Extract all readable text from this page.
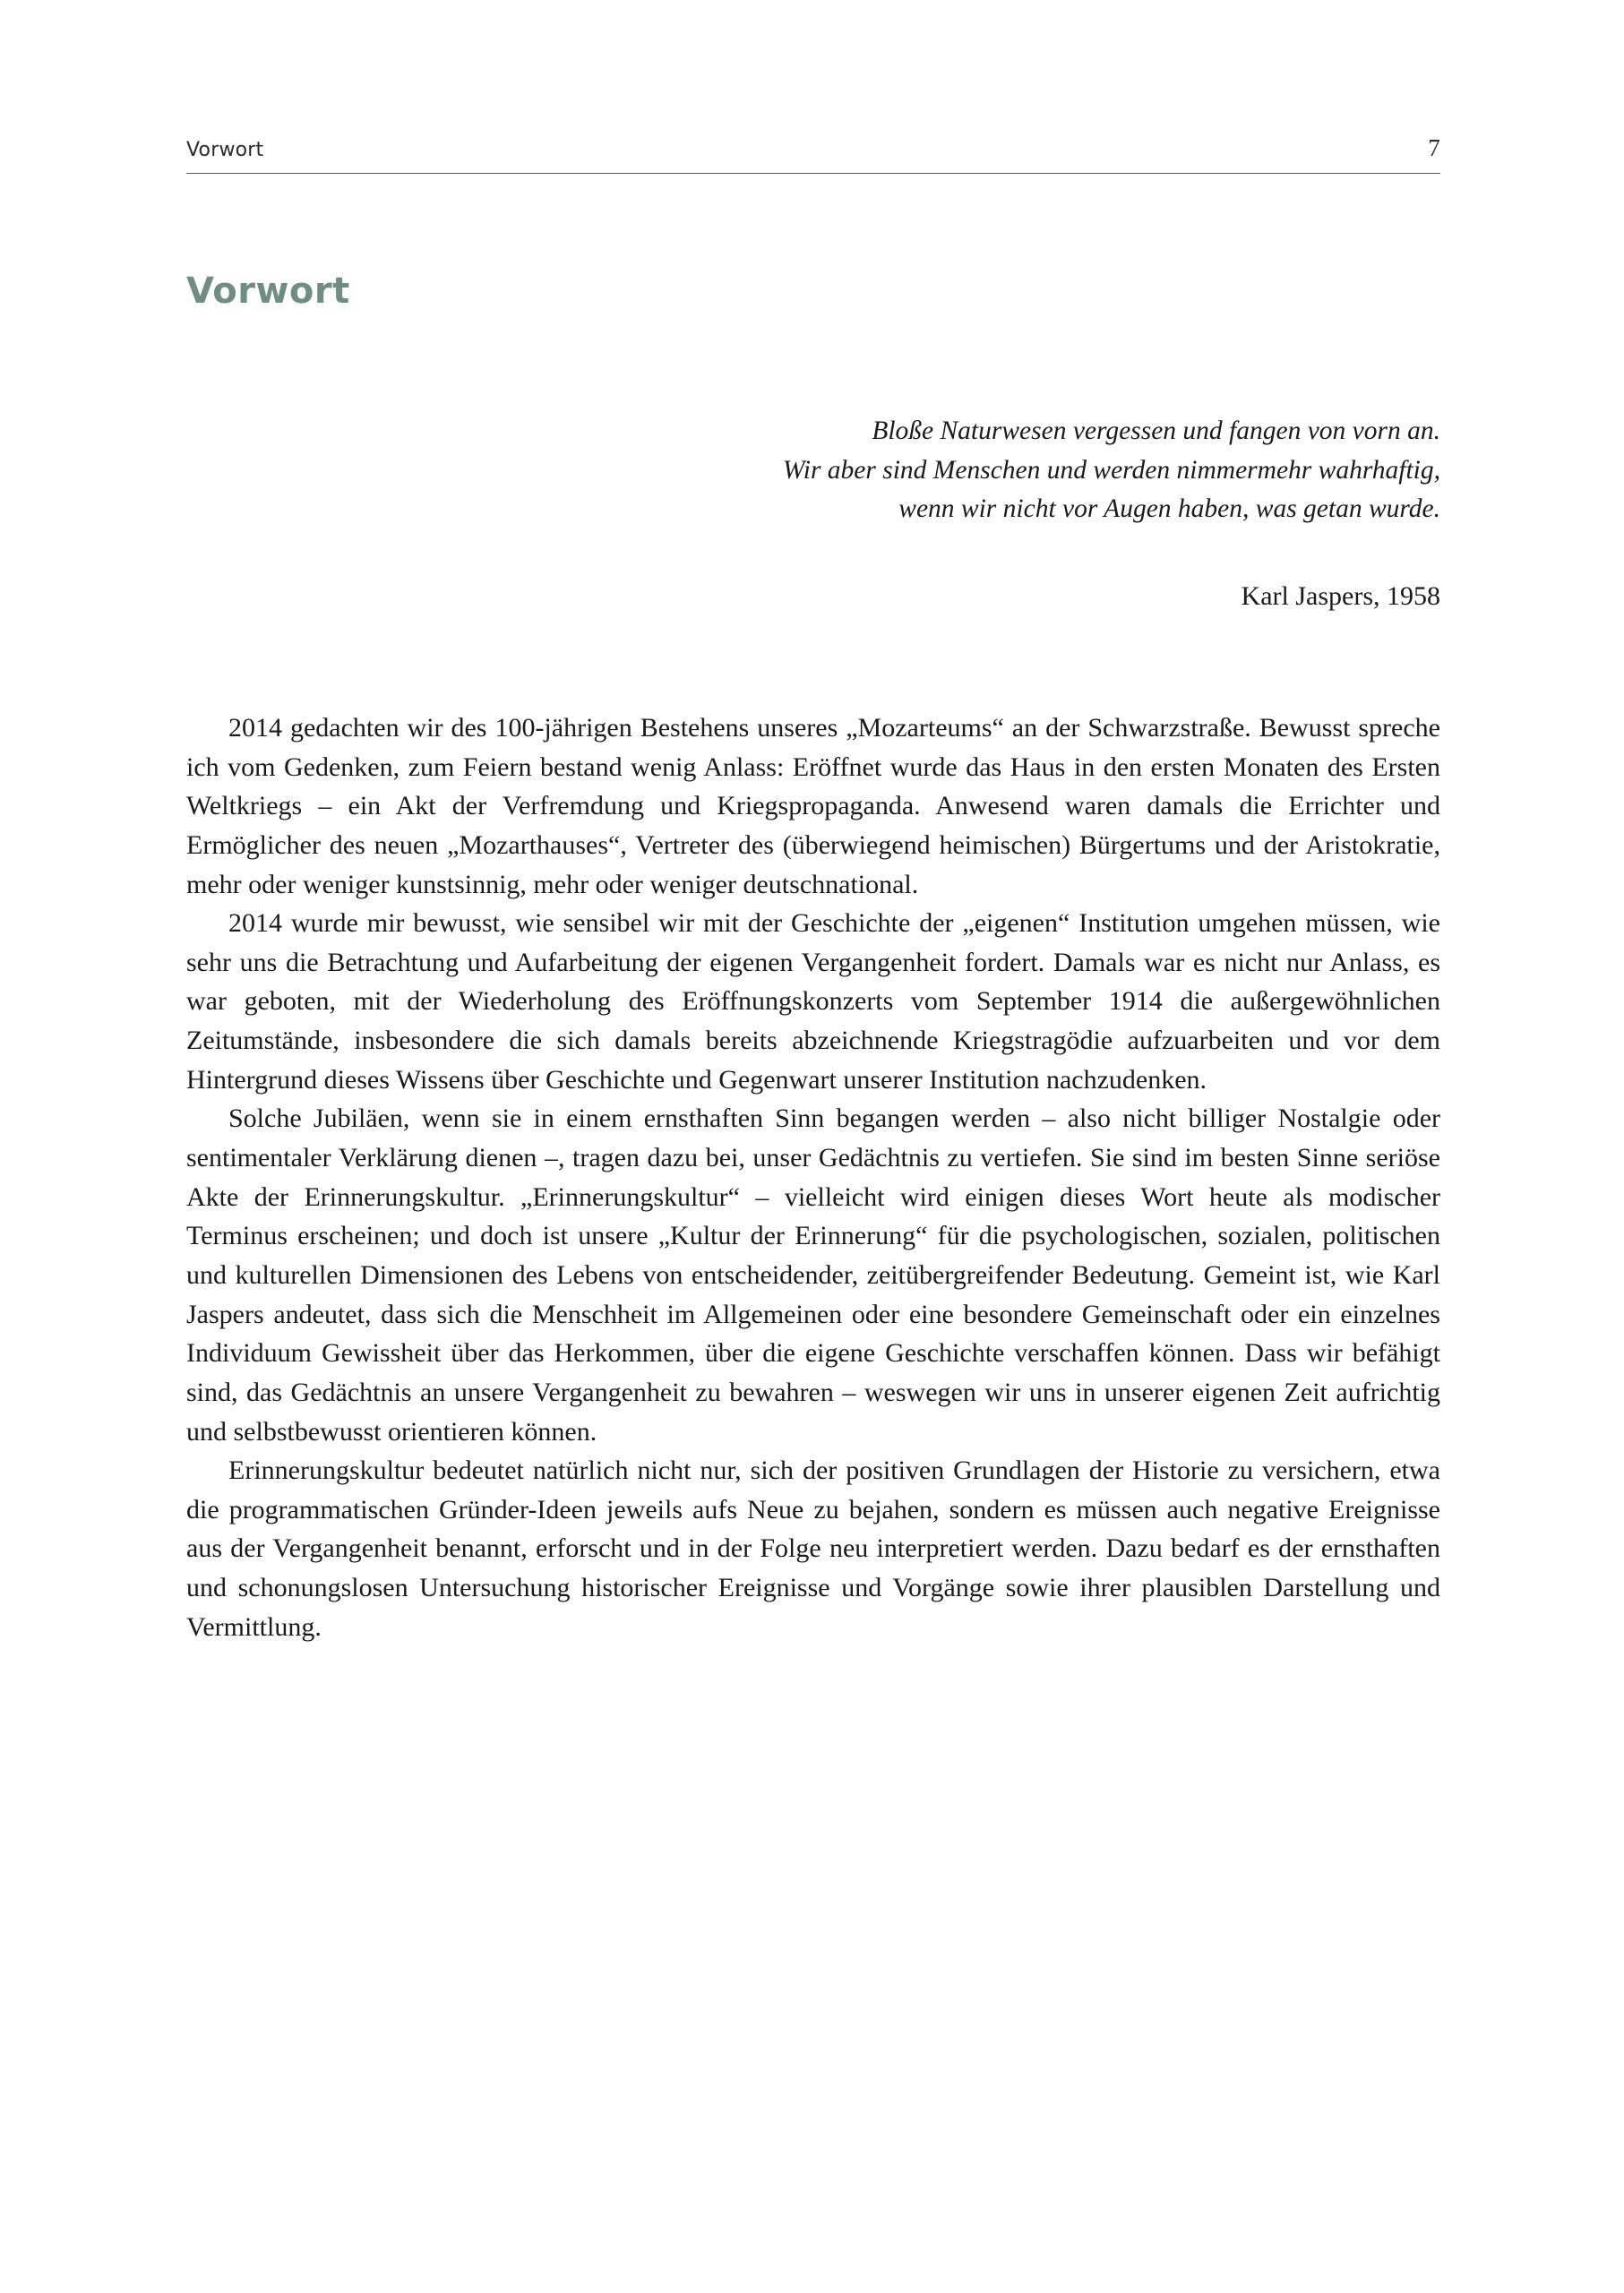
Vorwort	7
Vorwort
Bloße Naturwesen vergessen und fangen von vorn an.
Wir aber sind Menschen und werden nimmermehr wahrhaftig,
wenn wir nicht vor Augen haben, was getan wurde.
Karl Jaspers, 1958

2014 gedachten wir des 100-jährigen Bestehens unseres „Mozarteums“ an der Schwarzstraße. Bewusst spreche ich vom Gedenken, zum Feiern bestand wenig Anlass: Eröffnet wurde das Haus in den ersten Monaten des Ersten Weltkriegs – ein Akt der Verfremdung und Kriegspropaganda. Anwesend waren damals die Errichter und Ermöglicher des neuen „Mozarthauses“, Vertreter des (überwiegend heimischen) Bürgertums und der Aristokratie, mehr oder weniger kunstsinnig, mehr oder weniger deutschnational.

2014 wurde mir bewusst, wie sensibel wir mit der Geschichte der „eigenen“ Institution umgehen müssen, wie sehr uns die Betrachtung und Aufarbeitung der eigenen Vergangenheit fordert. Damals war es nicht nur Anlass, es war geboten, mit der Wiederholung des Eröffnungskonzerts vom September 1914 die außergewöhnlichen Zeitumstände, insbesondere die sich damals bereits abzeichnende Kriegstragödie aufzuarbeiten und vor dem Hintergrund dieses Wissens über Geschichte und Gegenwart unserer Institution nachzudenken.

Solche Jubiläen, wenn sie in einem ernsthaften Sinn begangen werden – also nicht billiger Nostalgie oder sentimentaler Verklärung dienen –, tragen dazu bei, unser Gedächtnis zu vertiefen. Sie sind im besten Sinne seriöse Akte der Erinnerungskultur. „Erinnerungskultur“ – vielleicht wird einigen dieses Wort heute als modischer Terminus erscheinen; und doch ist unsere „Kultur der Erinnerung“ für die psychologischen, sozialen, politischen und kulturellen Dimensionen des Lebens von entscheidender, zeitübergreifender Bedeutung. Gemeint ist, wie Karl Jaspers andeutet, dass sich die Menschheit im Allgemeinen oder eine besondere Gemeinschaft oder ein einzelnes Individuum Gewissheit über das Herkommen, über die eigene Geschichte verschaffen können. Dass wir befähigt sind, das Gedächtnis an unsere Vergangenheit zu bewahren – weswegen wir uns in unserer eigenen Zeit aufrichtig und selbstbewusst orientieren können.

Erinnerungskultur bedeutet natürlich nicht nur, sich der positiven Grundlagen der Historie zu versichern, etwa die programmatischen Gründer-Ideen jeweils aufs Neue zu bejahen, sondern es müssen auch negative Ereignisse aus der Vergangenheit benannt, erforscht und in der Folge neu interpretiert werden. Dazu bedarf es der ernsthaften und schonungslosen Untersuchung historischer Ereignisse und Vorgänge sowie ihrer plausiblen Darstellung und Vermittlung.
